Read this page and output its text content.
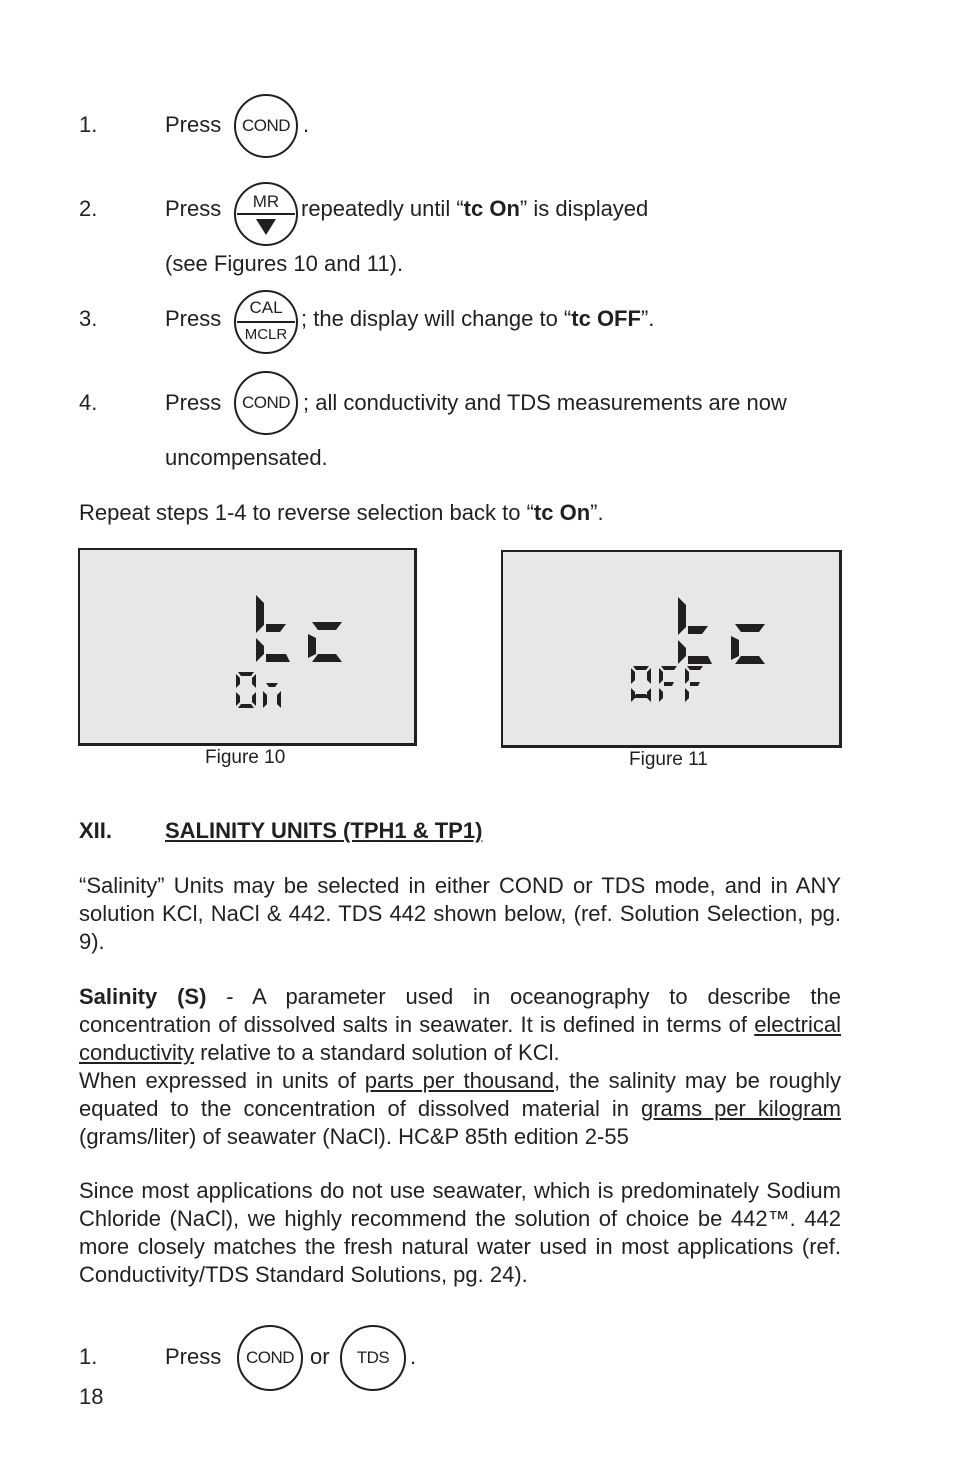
1.	Press	COND .
2.	Press	MR repeatedly until “tc On” is displayed
(see Figures 10 and 11).
3.	Press	CAL
MCLR
; the display will change to “tc OFF”.
4.	Press	COND ; all conductivity and TDS measurements are now
uncompensated.
Repeat steps 1-4 to reverse selection back to “tc On”.
Figure 10	Figure 11
XII. SALINITY UNITS (TPH1 & TP1)
“Salinity” Units may be selected in either COND or TDS mode, and in ANY solution KCl, NaCl & 442. TDS 442 shown below, (ref. Solution Selection, pg. 9).
Salinity (S) - A parameter used in oceanography to describe the concentration of dissolved salts in seawater. It is defined in terms of electrical conductivity relative to a standard solution of KCl.
When expressed in units of parts per thousand, the salinity may be roughly equated to the concentration of dissolved material in grams per kilogram (grams/liter) of seawater (NaCl). HC&P 85th edition 2-55
Since most applications do not use seawater, which is predominately Sodium Chloride (NaCl), we highly recommend the solution of choice be 442™. 442 more closely matches the fresh natural water used in most applications (ref. Conductivity/TDS Standard Solutions, pg. 24).
1.	Press	COND or	TDS .
18
